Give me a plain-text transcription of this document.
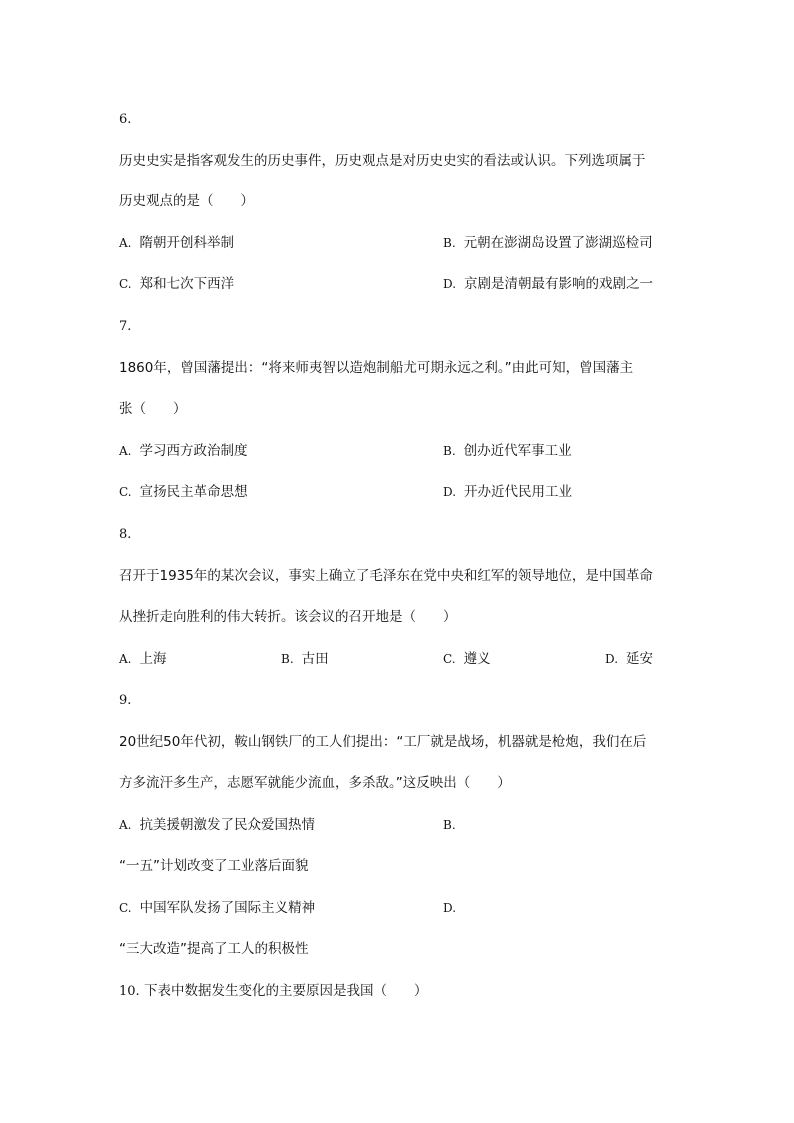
6.
历史史实是指客观发生的历史事件，历史观点是对历史史实的看法或认识。下列选项属于
历史观点的是（　　）
A. 隋朝开创科举制	B. 元朝在澎湖岛设置了澎湖巡检司
C. 郑和七次下西洋	D. 京剧是清朝最有影响的戏剧之一
7.
1860年，曾国藩提出：“将来师夷智以造炮制船尤可期永远之利。”由此可知，曾国藩主
张（　　）
A. 学习西方政治制度	B. 创办近代军事工业
C. 宣扬民主革命思想	D. 开办近代民用工业
8.
召开于1935年的某次会议，事实上确立了毛泽东在党中央和红军的领导地位，是中国革命
从挫折走向胜利的伟大转折。该会议的召开地是（　　）
A. 上海	B. 古田	C. 遵义	D. 延安
9.
20世纪50年代初，鞍山钢铁厂的工人们提出：“工厂就是战场，机器就是枪炮，我们在后
方多流汗多生产，志愿军就能少流血，多杀敌。”这反映出（　　）
A. 抗美援朝激发了民众爱国热情	B.
“一五”计划改变了工业落后面貌
C. 中国军队发扬了国际主义精神	D.
“三大改造”提高了工人的积极性
10. 下表中数据发生变化的主要原因是我国（　　）
